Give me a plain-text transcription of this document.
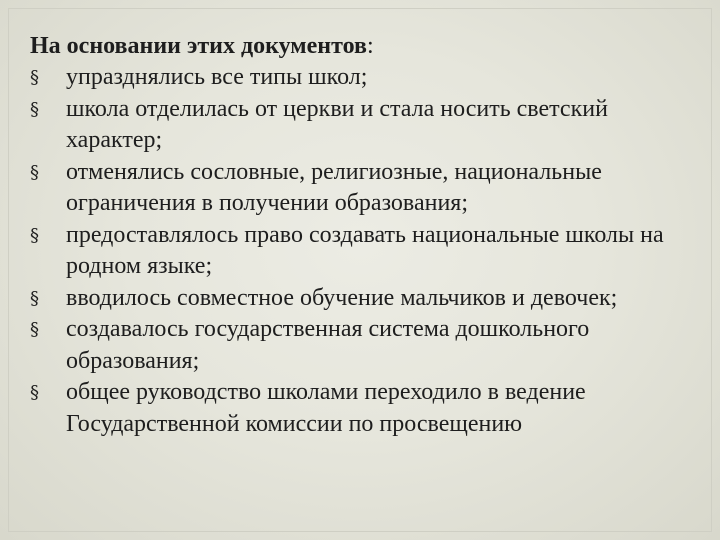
На основании этих документов:

§ упразднялись все типы школ;
§ школа отделилась от церкви и стала носить светский характер;
§ отменялись сословные, религиозные, национальные ограничения в получении образования;
§ предоставлялось право создавать национальные школы на родном языке;
§ вводилось совместное обучение мальчиков и девочек;
§ создавалось государственная система дошкольного образования;
§ общее руководство школами переходило в ведение Государственной комиссии по просвещению
